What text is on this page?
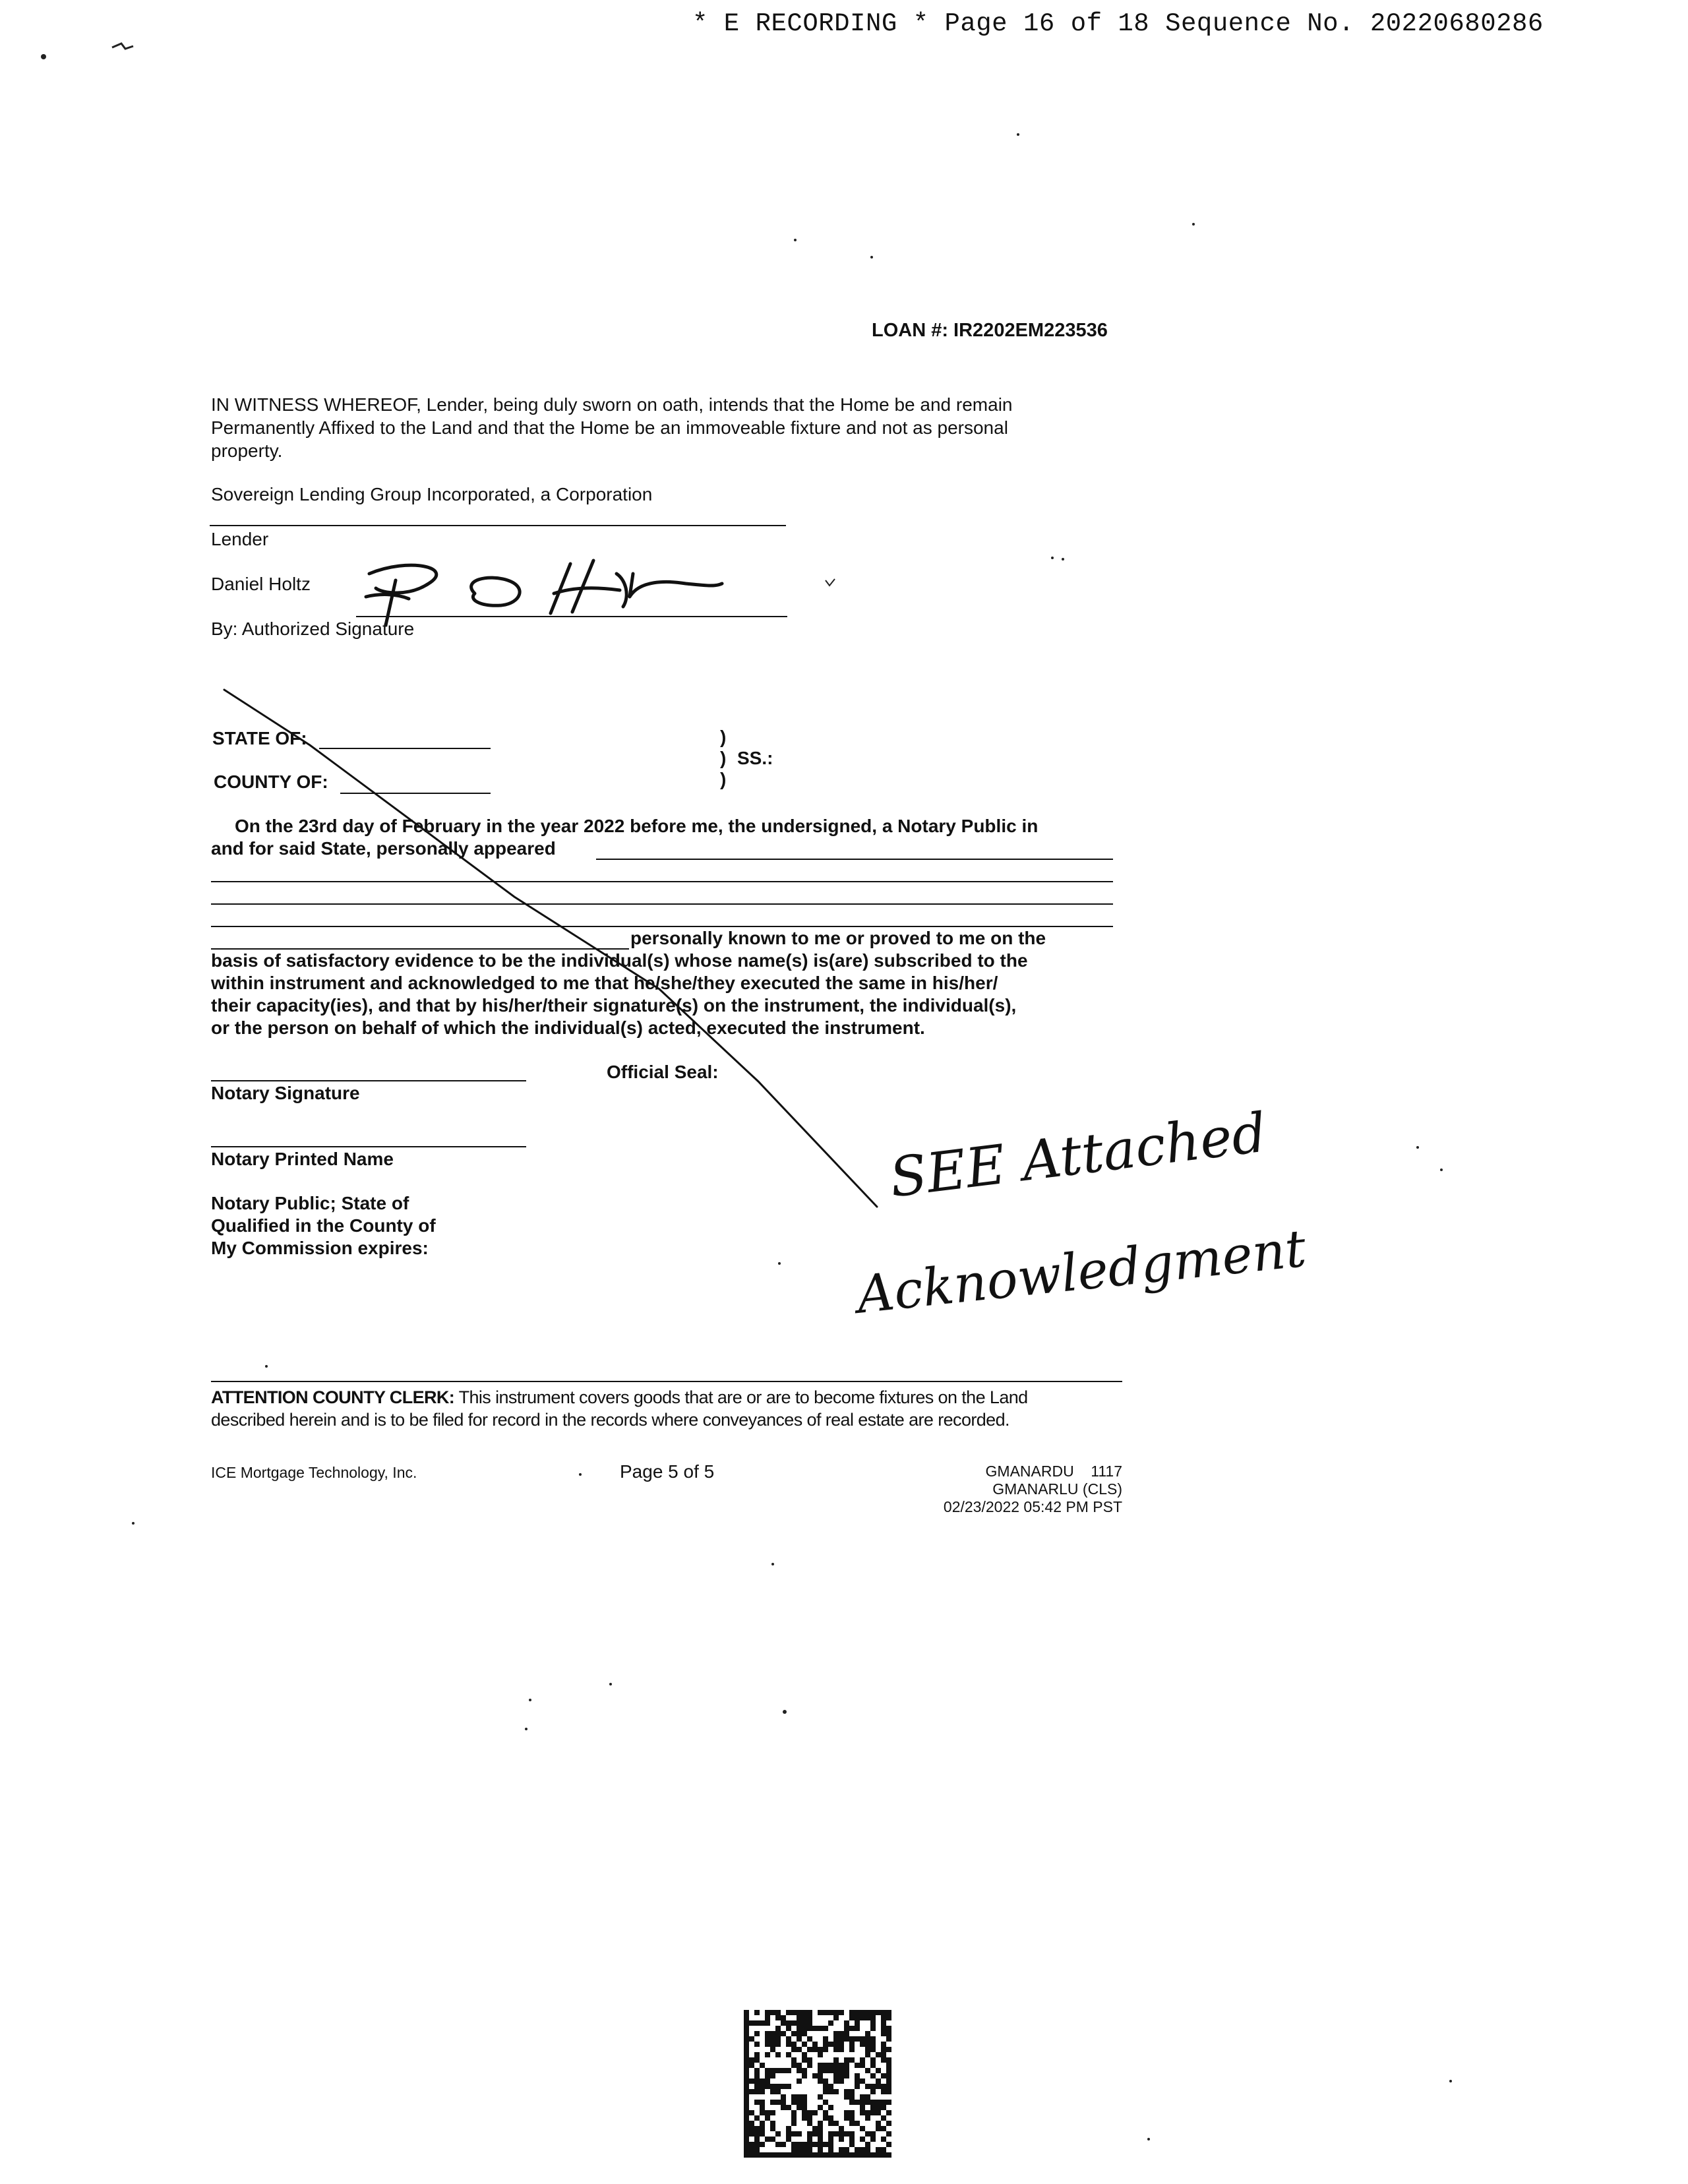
* E RECORDING * Page 16 of 18 Sequence No. 20220680286
LOAN #: IR2202EM223536
IN WITNESS WHEREOF, Lender, being duly sworn on oath, intends that the Home be and remain
Permanently Affixed to the Land and that the Home be an immoveable fixture and not as personal
property.
Sovereign Lending Group Incorporated, a Corporation
Lender
Daniel Holtz
By: Authorized Signature
STATE OF:
COUNTY OF:
)
) SS.:
)
On the 23rd day of February in the year 2022 before me, the undersigned, a Notary Public in
and for said State, personally appeared
personally known to me or proved to me on the
basis of satisfactory evidence to be the individual(s) whose name(s) is(are) subscribed to the
within instrument and acknowledged to me that he/she/they executed the same in his/her/
their capacity(ies), and that by his/her/their signature(s) on the instrument, the individual(s),
or the person on behalf of which the individual(s) acted, executed the instrument.
Official Seal:
Notary Signature
Notary Printed Name
Notary Public; State of
Qualified in the County of
My Commission expires:
SEE Attached
Acknowledgment
ATTENTION COUNTY CLERK: This instrument covers goods that are or are to become fixtures on the Land
described herein and is to be filed for record in the records where conveyances of real estate are recorded.
ICE Mortgage Technology, Inc.	Page 5 of 5	GMANARDU    1117
GMANARLU (CLS)
02/23/2022 05:42 PM PST
